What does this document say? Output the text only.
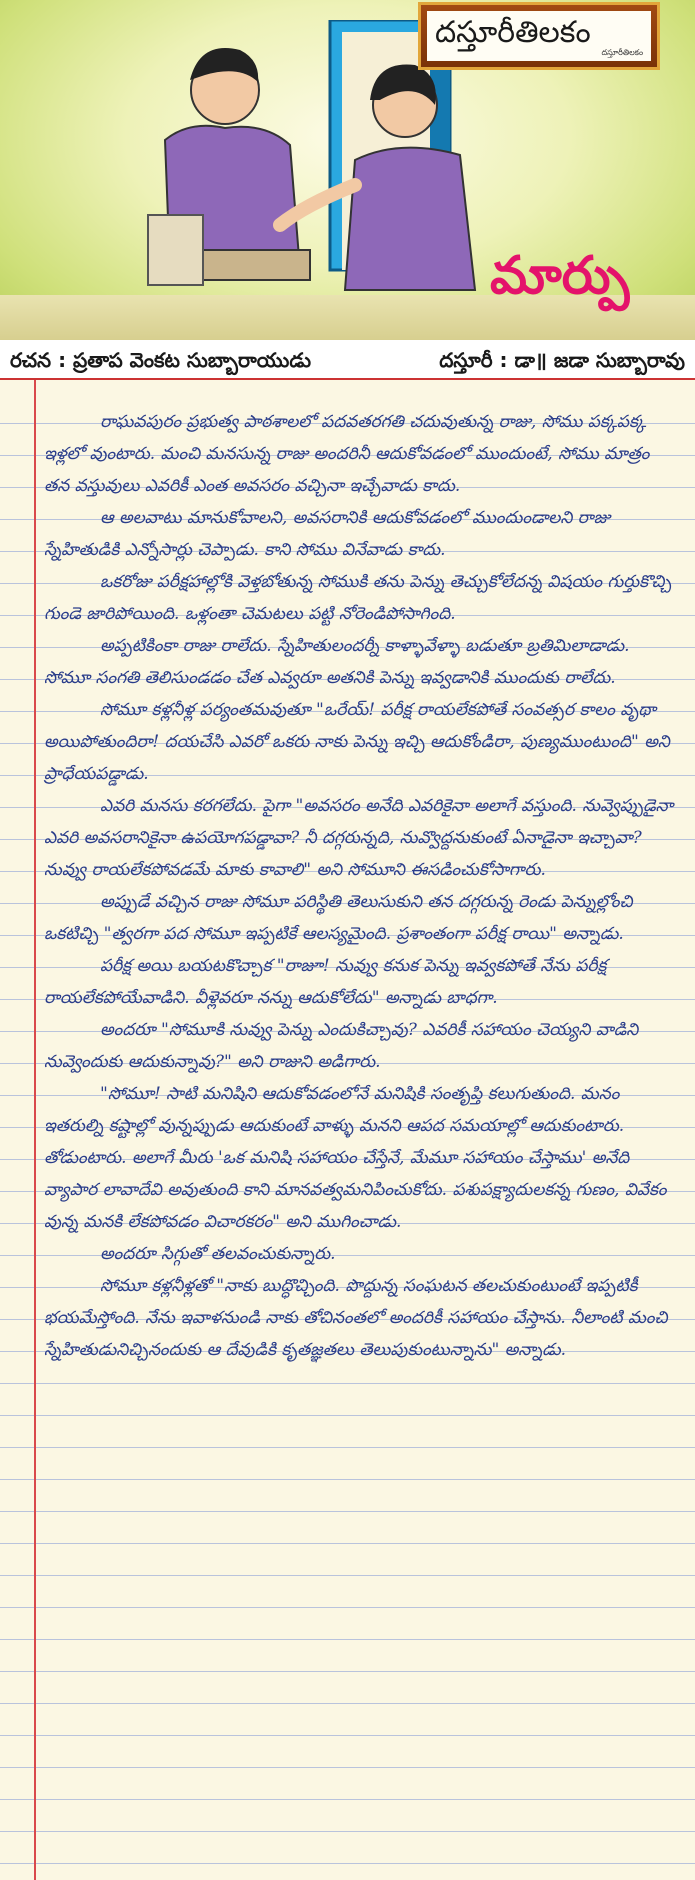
దస్తూరీతిలకం
దస్తూరీతిలకం
మార్పు
రచన : ప్రతాప వెంకట సుబ్బారాయుడు	దస్తూరీ : డా॥ జడా సుబ్బారావు

రాఘవపురం ప్రభుత్వ పాఠశాలలో పదవతరగతి చదువుతున్న రాజు, సోము పక్కపక్క ఇళ్లలో వుంటారు. మంచి మనసున్న రాజు అందరినీ ఆదుకోవడంలో ముందుంటే, సోము మాత్రం తన వస్తువులు ఎవరికీ ఎంత అవసరం వచ్చినా ఇచ్చేవాడు కాదు.

ఆ అలవాటు మానుకోవాలని, అవసరానికి ఆదుకోవడంలో ముందుండాలని రాజు స్నేహితుడికి ఎన్నోసార్లు చెప్పాడు. కాని సోము వినేవాడు కాదు.

ఒకరోజు పరీక్షహాల్లోకి వెళ్తబోతున్న సోముకి తను పెన్ను తెచ్చుకోలేదన్న విషయం గుర్తుకొచ్చి గుండె జారిపోయింది. ఒళ్లంతా చెమటలు పట్టి నోరెండిపోసాగింది.

అప్పటికింకా రాజు రాలేదు. స్నేహితులందర్నీ కాళ్ళావేళ్ళా బడుతూ బ్రతిమిలాడాడు. సోమూ సంగతి తెలిసుండడం చేత ఎవ్వరూ అతనికి పెన్ను ఇవ్వడానికి ముందుకు రాలేదు.

సోమూ కళ్లనీళ్ల పర్యంతమవుతూ "ఒరేయ్! పరీక్ష రాయలేకపోతే సంవత్సర కాలం వృథా అయిపోతుందిరా! దయచేసి ఎవరో ఒకరు నాకు పెన్ను ఇచ్చి ఆదుకోండిరా, పుణ్యముంటుంది" అని ప్రాధేయపడ్డాడు.

ఎవరి మనసు కరగలేదు. పైగా "అవసరం అనేది ఎవరికైనా అలాగే వస్తుంది. నువ్వెప్పుడైనా ఎవరి అవసరానికైనా ఉపయోగపడ్డావా? నీ దగ్గరున్నది, నువ్వొద్దనుకుంటే ఏనాడైనా ఇచ్చావా? నువ్వు రాయలేకపోవడమే మాకు కావాలి" అని సోమూని ఈసడించుకోసాగారు.

అప్పుడే వచ్చిన రాజు సోమూ పరిస్థితి తెలుసుకుని తన దగ్గరున్న రెండు పెన్నుల్లోంచి ఒకటిచ్చి "త్వరగా పద సోమూ ఇప్పటికే ఆలస్యమైంది. ప్రశాంతంగా పరీక్ష రాయి" అన్నాడు.

పరీక్ష అయి బయటకొచ్చాక "రాజూ! నువ్వు కనుక పెన్ను ఇవ్వకపోతే నేను పరీక్ష రాయలేకపోయేవాడిని. వీళ్లెవరూ నన్ను ఆదుకోలేదు" అన్నాడు బాధగా.

అందరూ "సోమూకి నువ్వు పెన్ను ఎందుకిచ్చావు? ఎవరికీ సహాయం చెయ్యని వాడిని నువ్వెందుకు ఆదుకున్నావు?" అని రాజుని అడిగారు.

"సోమూ! సాటి మనిషిని ఆదుకోవడంలోనే మనిషికి సంతృప్తి కలుగుతుంది. మనం ఇతరుల్ని కష్టాల్లో వున్నప్పుడు ఆదుకుంటే వాళ్ళు మనని ఆపద సమయాల్లో ఆదుకుంటారు. తోడుంటారు. అలాగే మీరు 'ఒక మనిషి సహాయం చేస్తేనే, మేమూ సహాయం చేస్తాము' అనేది వ్యాపార లావాదేవి అవుతుంది కాని మానవత్వమనిపించుకోదు. పశుపక్ష్యాదులకన్న గుణం, వివేకం వున్న మనకి లేకపోవడం విచారకరం" అని ముగించాడు.

అందరూ సిగ్గుతో తలవంచుకున్నారు.

సోమూ కళ్లనీళ్లతో "నాకు బుద్ధొచ్చింది. పొద్దున్న సంఘటన తలచుకుంటుంటే ఇప్పటికీ భయమేస్తోంది. నేను ఇవాళనుండి నాకు తోచినంతలో అందరికీ సహాయం చేస్తాను. నీలాంటి మంచి స్నేహితుడునిచ్చినందుకు ఆ దేవుడికి కృతజ్ఞతలు తెలుపుకుంటున్నాను" అన్నాడు.
